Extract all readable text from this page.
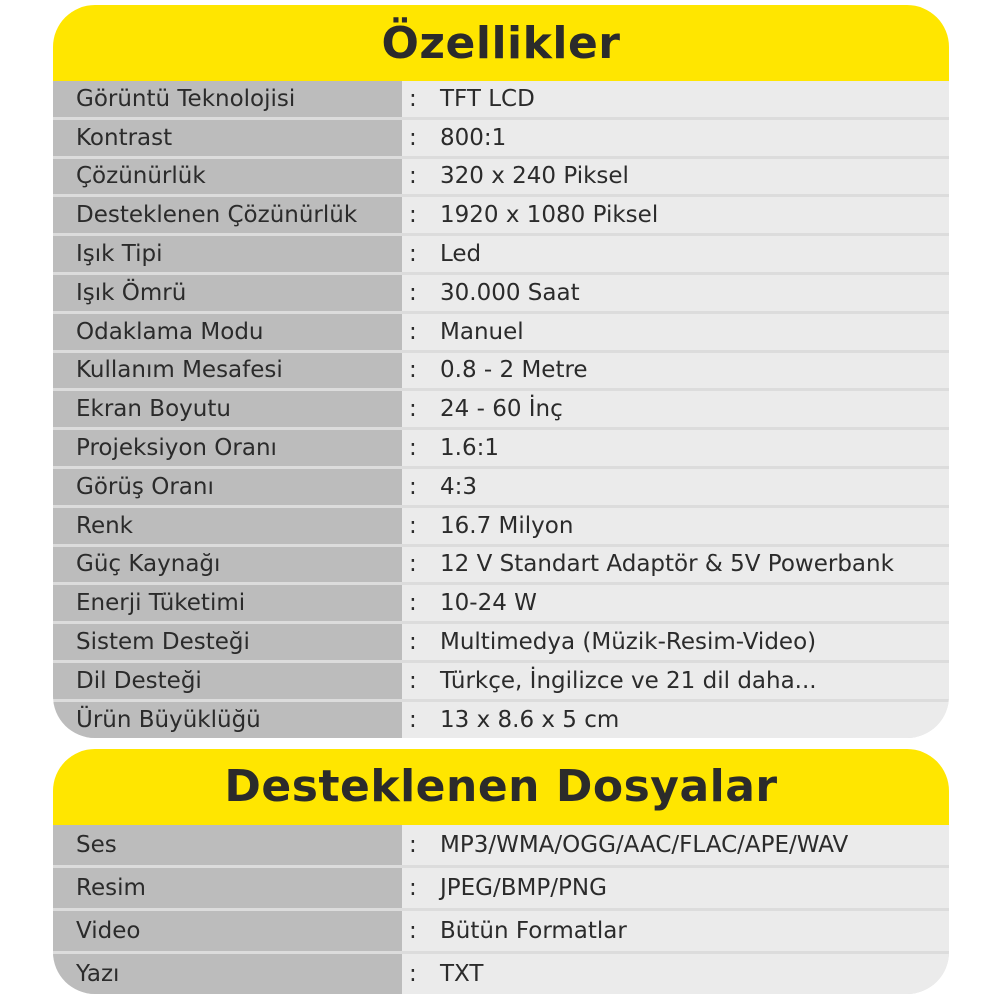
Özellikler
Görüntü Teknolojisi	:	TFT LCD
Kontrast	:	800:1
Çözünürlük	:	320 x 240 Piksel
Desteklenen Çözünürlük	:	1920 x 1080 Piksel
Işık Tipi	:	Led
Işık Ömrü	:	30.000 Saat
Odaklama Modu	:	Manuel
Kullanım Mesafesi	:	0.8 - 2 Metre
Ekran Boyutu	:	24 - 60 İnç
Projeksiyon Oranı	:	1.6:1
Görüş Oranı	:	4:3
Renk	:	16.7 Milyon
Güç Kaynağı	:	12 V Standart Adaptör & 5V Powerbank
Enerji Tüketimi	:	10-24 W
Sistem Desteği	:	Multimedya (Müzik-Resim-Video)
Dil Desteği	:	Türkçe, İngilizce ve 21 dil daha...
Ürün Büyüklüğü	:	13 x 8.6 x 5 cm
Desteklenen Dosyalar
Ses	:	MP3/WMA/OGG/AAC/FLAC/APE/WAV
Resim	:	JPEG/BMP/PNG
Video	:	Bütün Formatlar
Yazı	:	TXT
